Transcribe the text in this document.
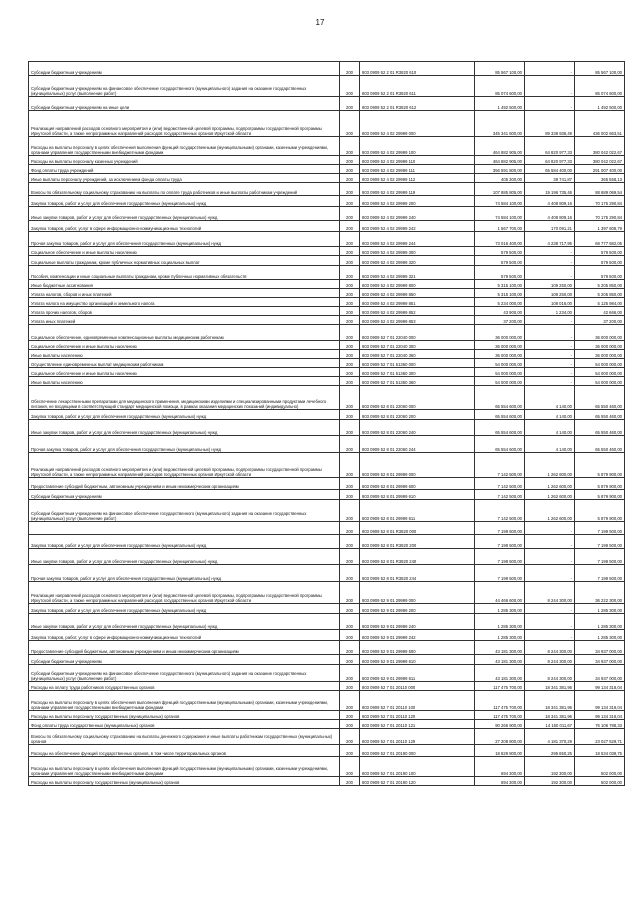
17
Субсидии бюджетным учреждениям	200	803 0909 52 2 01 R3820 610	85 567 100,00	-	85 567 100,00
Субсидии бюджетным учреждениям на финансовое обеспечение государственного (муниципального) задания на оказание государственных (муниципальных) услуг (выполнение работ)	200	803 0909 52 2 01 R3820 611	85 074 600,00	-	85 074 600,00
Субсидии бюджетным учреждениям на иные цели	200	803 0909 52 2 01 R3820 612	1 492 500,00	-	1 492 500,00
Реализация направлений расходов основного мероприятия и (или) ведомственной целевой программы, подпрограммы государственной программы Иркутской области, а также непрограммных направлений расходов государственных органов Иркутской области	200	803 0909 52 4 02 29999 000	345 341 600,00	89 338 936,49	436 002 663,51
Расходы на выплаты персоналу в целях обеспечения выполнения функций государственными (муниципальными) органами, казенными учреждениями, органами управления государственными внебюджетными фондами	200	803 0909 52 4 02 29999 100	464 882 905,00	64 820 977,33	380 042 022,67
Расходы на выплаты персоналу казенных учреждений	200	803 0909 52 4 02 29999 110	464 882 905,00	64 820 977,33	380 042 022,67
Фонд оплаты труда учреждений	200	803 0909 52 4 02 29999 111	356 591 800,00	65 584 400,00	291 007 400,00
Иные выплаты персоналу учреждений, за исключением фонда оплаты труда	200	803 0909 52 4 02 29999 112	405 300,00	39 741,87	365 558,13
Взносы по обязательному социальному страхованию на выплаты по оплате труда работников и иные выплаты работникам учреждений	200	803 0909 52 4 02 29999 119	107 885 805,00	19 196 735,46	88 689 069,54
Закупка товаров, работ и услуг для обеспечения государственных (муниципальных) нужд	200	803 0909 52 4 02 29999 200	74 584 100,00	4 408 809,16	70 175 290,84
Иные закупки товаров, работ и услуг для обеспечения государственных (муниципальных) нужд	200	803 0909 52 4 02 29999 240	74 584 100,00	4 408 809,16	70 175 290,84
Закупка товаров, работ, услуг в сфере информационно-коммуникационных технологий	200	803 0909 52 4 02 29999 242	1 567 700,00	170 091,21	1 397 608,79
Прочая закупка товаров, работ и услуг для обеспечения государственных (муниципальных) нужд	200	803 0909 52 4 02 29999 244	73 016 400,00	4 238 717,95	68 777 682,05
Социальное обеспечение и иные выплаты населению	200	803 0909 52 4 02 29999 300	579 500,00	-	579 500,00
Социальные выплаты гражданам, кроме публичных нормативных социальных выплат	200	803 0909 52 4 02 29999 320	579 500,00	-	579 500,00
Пособия, компенсации и иные социальные выплаты гражданам, кроме публичных нормативных обязательств	200	803 0909 52 4 02 29999 321	579 500,00	-	579 500,00
Иные бюджетные ассигнования	200	803 0909 52 4 02 29999 800	5 315 100,00	109 250,00	5 205 850,00
Уплата налогов, сборов и иных платежей	200	803 0909 52 4 02 29999 850	5 315 100,00	109 250,00	5 205 850,00
Уплата налога на имущество организаций и земельного налога	200	803 0909 52 4 02 29999 851	5 234 000,00	108 016,00	5 125 984,00
Уплата прочих налогов, сборов	200	803 0909 52 4 02 29999 852	43 900,00	1 234,00	42 666,00
Уплата иных платежей	200	803 0909 52 4 02 29999 853	37 200,00	-	37 200,00
Социальное обеспечение, единовременные компенсационные выплаты медицинским работникам	200	803 0909 52 7 01 22040 000	36 000 000,00	-	36 000 000,00
Социальное обеспечение и иные выплаты населению	200	803 0909 52 7 01 22040 300	36 000 000,00	-	36 000 000,00
Иные выплаты населению	200	803 0909 52 7 01 22040 360	36 000 000,00	-	36 000 000,00
Осуществление единовременных выплат медицинским работникам	200	803 0909 52 7 01 51360 000	54 000 000,00	-	54 000 000,00
Социальное обеспечение и иные выплаты населению	200	803 0909 52 7 01 51360 300	54 000 000,00	-	54 000 000,00
Иные выплаты населению	200	803 0909 52 7 01 51360 360	54 000 000,00	-	54 000 000,00
Обеспечение лекарственными препаратами для медицинского применения, медицинскими изделиями и специализированными продуктами лечебного питания, не входящими в соответствующий стандарт медицинской помощи, в рамках оказания медицинских показаний (индивидуально)	200	803 0909 52 8 01 22060 000	65 554 600,00	4 140,00	65 550 460,00
Закупка товаров, работ и услуг для обеспечения государственных (муниципальных) нужд	200	803 0909 52 8 01 22060 200	65 554 600,00	4 140,00	65 550 460,00
Иные закупки товаров, работ и услуг для обеспечения государственных (муниципальных) нужд	200	803 0909 52 8 01 22060 240	65 554 600,00	4 140,00	65 550 460,00
Прочая закупка товаров, работ и услуг для обеспечения государственных (муниципальных) нужд	200	803 0909 52 8 01 22060 244	65 554 600,00	4 140,00	65 550 460,00
Реализация направлений расходов основного мероприятия и (или) ведомственной целевой программы, подпрограммы государственной программы Иркутской области, а также непрограммных направлений расходов государственных органов Иркутской области	200	803 0909 52 8 01 29999 000	7 142 500,00	1 262 600,00	5 879 900,00
Предоставление субсидий бюджетным, автономным учреждениям и иным некоммерческим организациям	200	803 0909 52 8 01 29999 600	7 142 500,00	1 262 600,00	5 879 900,00
Субсидии бюджетным учреждениям	200	803 0909 52 8 01 29999 610	7 142 500,00	1 262 600,00	5 879 900,00
Субсидии бюджетным учреждениям на финансовое обеспечение государственного (муниципального) задания на оказание государственных (муниципальных) услуг (выполнение работ)	200	803 0909 52 8 01 29999 611	7 142 500,00	1 262 600,00	5 879 900,00
	200	803 0909 52 8 01 R3820 000	7 199 500,00	-	7 199 500,00
Закупка товаров, работ и услуг для обеспечения государственных (муниципальных) нужд	200	803 0909 52 8 01 R3820 200	7 199 500,00	-	7 199 500,00
Иные закупки товаров, работ и услуг для обеспечения государственных (муниципальных) нужд	200	803 0909 52 8 01 R3820 240	7 199 500,00	-	7 199 500,00
Прочая закупка товаров, работ и услуг для обеспечения государственных (муниципальных) нужд	200	803 0909 52 8 01 R3820 244	7 199 500,00	-	7 199 500,00
Реализация направлений расходов основного мероприятия и (или) ведомственной целевой программы, подпрограммы государственной программы Иркутской области, а также непрограммных направлений расходов государственных органов Иркутской области	200	803 0909 52 9 01 29999 000	44 466 600,00	8 244 300,00	36 222 300,00
Закупка товаров, работ и услуг для обеспечения государственных (муниципальных) нужд	200	803 0909 52 9 01 29999 200	1 285 300,00	-	1 285 300,00
Иные закупки товаров, работ и услуг для обеспечения государственных (муниципальных) нужд	200	803 0909 52 9 01 29999 240	1 285 300,00	-	1 285 300,00
Закупка товаров, работ, услуг в сфере информационно-коммуникационных технологий	200	803 0909 52 9 01 29999 242	1 285 300,00	-	1 285 300,00
Предоставление субсидий бюджетным, автономным учреждениям и иным некоммерческим организациям	200	803 0909 52 9 01 29999 600	43 181 300,00	8 244 300,00	34 937 000,00
Субсидии бюджетным учреждениям	200	803 0909 52 9 01 29999 610	43 181 300,00	8 244 300,00	34 937 000,00
Субсидии бюджетным учреждениям на финансовое обеспечение государственного (муниципального) задания на оказание государственных (муниципальных) услуг (выполнение работ)	200	803 0909 52 9 01 29999 611	43 181 300,00	8 244 300,00	34 937 000,00
Расходы на оплату труда работников государственных органов	200	803 0909 52 7 01 20110 000	117 475 700,00	18 341 381,96	99 134 318,04
Расходы на выплаты персоналу в целях обеспечения выполнения функций государственными (муниципальными) органами, казенными учреждениями, органами управления государственными внебюджетными фондами	200	803 0909 52 7 01 20110 100	117 475 700,00	18 341 381,96	99 134 318,04
Расходы на выплаты персоналу государственных (муниципальных) органов	200	803 0909 52 7 01 20110 120	117 475 700,00	18 341 381,96	99 134 318,04
Фонд оплаты труда государственных (муниципальных) органов	200	803 0909 52 7 01 20110 121	90 266 900,00	14 160 011,67	76 106 788,33
Взносы по обязательному социальному страхованию на выплаты денежного содержания и иные выплаты работникам государственных (муниципальных) органов	200	803 0909 52 7 01 20110 129	27 208 800,00	4 181 370,29	23 027 529,71
Расходы на обеспечение функций государственных органов, в том числе территориальных органов	200	803 0909 52 7 01 20190 000	18 829 800,00	295 650,25	18 534 039,75
Расходы на выплаты персоналу в целях обеспечения выполнения функций государственными (муниципальными) органами, казенными учреждениями, органами управления государственными внебюджетными фондами	200	803 0909 52 7 01 20190 100	694 300,00	192 300,00	502 000,00
Расходы на выплаты персоналу государственных (муниципальных) органов	200	803 0909 52 7 01 20190 120	694 300,00	192 300,00	502 000,00
